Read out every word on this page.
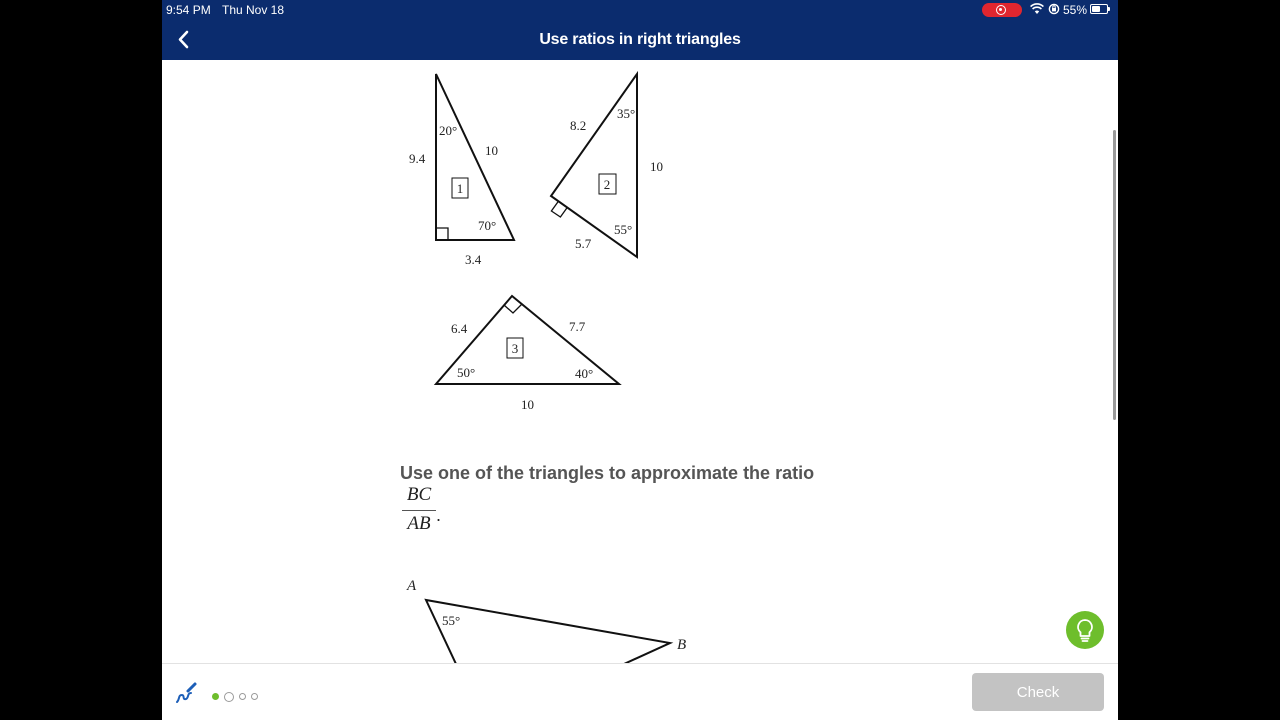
9:54 PM Thu Nov 18	55%
Use ratios in right triangles
1
9.4
10
3.4
20°
70°
2
8.2
10
5.7
35°
55°
3
6.4	7.7
10
50°	40°
A
B
55°
Use one of the triangles to approximate the ratio
BC
AB .
Check
